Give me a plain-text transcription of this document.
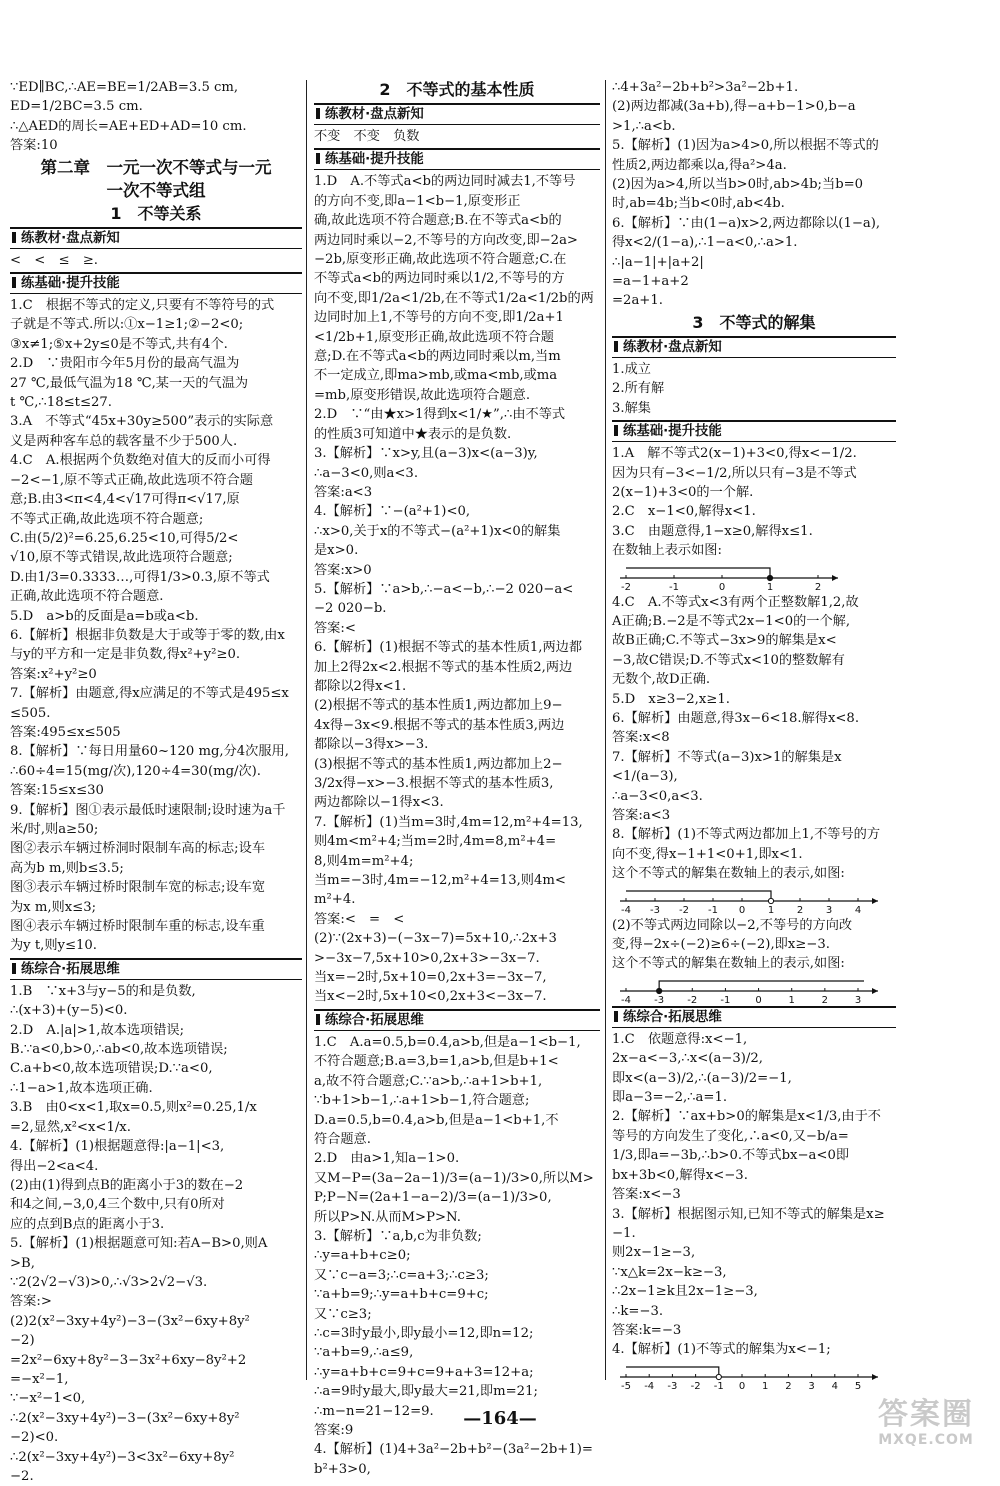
∵ED∥BC,∴AE=BE=1/2AB=3.5 cm,
ED=1/2BC=3.5 cm.
∴△AED的周长=AE+ED+AD=10 cm.
答案:10
第二章　一元一次不等式与一元
一次不等式组
1　不等关系
练教材·盘点新知
<　<　≤　≥.
练基础·提升技能
1.C　根据不等式的定义,只要有不等符号的式
子就是不等式.所以:①x−1≥1;②−2<0;
③x≠1;⑤x+2y≤0是不等式,共有4个.
2.D　∵贵阳市今年5月份的最高气温为
27 ℃,最低气温为18 ℃,某一天的气温为
t ℃,∴18≤t≤27.
3.A　不等式“45x+30y≥500”表示的实际意
义是两种客车总的载客量不少于500人.
4.C　A.根据两个负数绝对值大的反而小可得
−2<−1,原不等式正确,故此选项不符合题
意;B.由3<π<4,4<√17可得π<√17,原
不等式正确,故此选项不符合题意;
C.由(5/2)²=6.25,6.25<10,可得5/2<
√10,原不等式错误,故此选项符合题意;
D.由1/3=0.3333…,可得1/3>0.3,原不等式
正确,故此选项不符合题意.
5.D　a>b的反面是a=b或a<b.
6.【解析】根据非负数是大于或等于零的数,由x
与y的平方和一定是非负数,得x²+y²≥0.
答案:x²+y²≥0
7.【解析】由题意,得x应满足的不等式是495≤x
≤505.
答案:495≤x≤505
8.【解析】∵每日用量60~120 mg,分4次服用,
∴60÷4=15(mg/次),120÷4=30(mg/次).
答案:15≤x≤30
9.【解析】图①表示最低时速限制;设时速为a千
米/时,则a≥50;
图②表示车辆过桥洞时限制车高的标志;设车
高为b m,则b≤3.5;
图③表示车辆过桥时限制车宽的标志;设车宽
为x m,则x≤3;
图④表示车辆过桥时限制车重的标志,设车重
为y t,则y≤10.
练综合·拓展思维
1.B　∵x+3与y−5的和是负数,
∴(x+3)+(y−5)<0.
2.D　A.|a|>1,故本选项错误;
B.∵a<0,b>0,∴ab<0,故本选项错误;
C.a+b<0,故本选项错误;D.∵a<0,
∴1−a>1,故本选项正确.
3.B　由0<x<1,取x=0.5,则x²=0.25,1/x
=2,显然,x²<x<1/x.
4.【解析】(1)根据题意得:|a−1|<3,
得出−2<a<4.
(2)由(1)得到点B的距离小于3的数在−2
和4之间,−3,0,4三个数中,只有0所对
应的点到B点的距离小于3.
5.【解析】(1)根据题意可知:若A−B>0,则A
>B,
∵2(2√2−√3)>0,∴√3>2√2−√3.
答案:>
(2)2(x²−3xy+4y²)−3−(3x²−6xy+8y²
−2)
=2x²−6xy+8y²−3−3x²+6xy−8y²+2
=−x²−1,
∵−x²−1<0,
∴2(x²−3xy+4y²)−3−(3x²−6xy+8y²
−2)<0.
∴2(x²−3xy+4y²)−3<3x²−6xy+8y²
−2.
2　不等式的基本性质
练教材·盘点新知
不变　不变　负数
练基础·提升技能
1.D　A.不等式a<b的两边同时减去1,不等号
的方向不变,即a−1<b−1,原变形正
确,故此选项不符合题意;B.在不等式a<b的
两边同时乘以−2,不等号的方向改变,即−2a>
−2b,原变形正确,故此选项不符合题意;C.在
不等式a<b的两边同时乘以1/2,不等号的方
向不变,即1/2a<1/2b,在不等式1/2a<1/2b的两
边同时加上1,不等号的方向不变,即1/2a+1
<1/2b+1,原变形正确,故此选项不符合题
意;D.在不等式a<b的两边同时乘以m,当m
不一定成立,即ma>mb,或ma<mb,或ma
=mb,原变形错误,故此选项符合题意.
2.D　∵“由★x>1得到x<1/★”,∴由不等式
的性质3可知道中★表示的是负数.
3.【解析】∵x>y,且(a−3)x<(a−3)y,
∴a−3<0,则a<3.
答案:a<3
4.【解析】∵−(a²+1)<0,
∴x>0,关于x的不等式−(a²+1)x<0的解集
是x>0.
答案:x>0
5.【解析】∵a>b,∴−a<−b,∴−2 020−a<
−2 020−b.
答案:<
6.【解析】(1)根据不等式的基本性质1,两边都
加上2得2x<2.根据不等式的基本性质2,两边
都除以2得x<1.
(2)根据不等式的基本性质1,两边都加上9−
4x得−3x<9.根据不等式的基本性质3,两边
都除以−3得x>−3.
(3)根据不等式的基本性质1,两边都加上2−
3/2x得−x>−3.根据不等式的基本性质3,
两边都除以−1得x<3.
7.【解析】(1)当m=3时,4m=12,m²+4=13,
则4m<m²+4;当m=2时,4m=8,m²+4=
8,则4m=m²+4;
当m=−3时,4m=−12,m²+4=13,则4m<
m²+4.
答案:<　=　<
(2)∵(2x+3)−(−3x−7)=5x+10,∴2x+3
>−3x−7,5x+10>0,2x+3>−3x−7.
当x=−2时,5x+10=0,2x+3=−3x−7,
当x<−2时,5x+10<0,2x+3<−3x−7.
练综合·拓展思维
1.C　A.a=0.5,b=0.4,a>b,但是a−1<b−1,
不符合题意;B.a=3,b=1,a>b,但是b+1<
a,故不符合题意;C.∵a>b,∴a+1>b+1,
∵b+1>b−1,∴a+1>b−1,符合题意;
D.a=0.5,b=0.4,a>b,但是a−1<b+1,不
符合题意.
2.D　由a>1,知a−1>0.
又M−P=(3a−2a−1)/3=(a−1)/3>0,所以M>
P;P−N=(2a+1−a−2)/3=(a−1)/3>0,
所以P>N.从而M>P>N.
3.【解析】∵a,b,c为非负数;
∴y=a+b+c≥0;
又∵c−a=3;∴c=a+3;∴c≥3;
∵a+b=9;∴y=a+b+c=9+c;
又∵c≥3;
∴c=3时y最小,即y最小=12,即n=12;
∵a+b=9,∴a≤9,
∴y=a+b+c=9+c=9+a+3=12+a;
∴a=9时y最大,即y最大=21,即m=21;
∴m−n=21−12=9.
答案:9
4.【解析】(1)4+3a²−2b+b²−(3a²−2b+1)=
b²+3>0,
∴4+3a²−2b+b²>3a²−2b+1.
(2)两边都减(3a+b),得−a+b−1>0,b−a
>1,∴a<b.
5.【解析】(1)因为a>4>0,所以根据不等式的
性质2,两边都乘以a,得a²>4a.
(2)因为a>4,所以当b>0时,ab>4b;当b=0
时,ab=4b;当b<0时,ab<4b.
6.【解析】∵由(1−a)x>2,两边都除以(1−a),
得x<2/(1−a),∴1−a<0,∴a>1.
∴|a−1|+|a+2|
=a−1+a+2
=2a+1.
3　不等式的解集
练教材·盘点新知
1.成立
2.所有解
3.解集
练基础·提升技能
1.A　解不等式2(x−1)+3<0,得x<−1/2.
因为只有−3<−1/2,所以只有−3是不等式
2(x−1)+3<0的一个解.
2.C　x−1<0,解得x<1.
3.C　由题意得,1−x≥0,解得x≤1.
在数轴上表示如图:
-2	-1	0	1	2
4.C　A.不等式x<3有两个正整数解1,2,故
A正确;B.−2是不等式2x−1<0的一个解,
故B正确;C.不等式−3x>9的解集是x<
−3,故C错误;D.不等式x<10的整数解有
无数个,故D正确.
5.D　x≥3−2,x≥1.
6.【解析】由题意,得3x−6<18.解得x<8.
答案:x<8
7.【解析】不等式(a−3)x>1的解集是x
<1/(a−3),
∴a−3<0,a<3.
答案:a<3
8.【解析】(1)不等式两边都加上1,不等号的方
向不变,得x−1+1<0+1,即x<1.
这个不等式的解集在数轴上的表示,如图:
-4 -3 -2 -1 0 1 2 3 4
(2)不等式两边同除以−2,不等号的方向改
变,得−2x÷(−2)≥6÷(−2),即x≥−3.
这个不等式的解集在数轴上的表示,如图:
-4 -3 -2 -1 0	1	2	3
练综合·拓展思维
1.C　依题意得:x<−1,
2x−a<−3,∴x<(a−3)/2,
即x<(a−3)/2,∴(a−3)/2=−1,
即a−3=−2,∴a=1.
2.【解析】∵ax+b>0的解集是x<1/3,由于不
等号的方向发生了变化,∴a<0,又−b/a=
1/3,即a=−3b,∴b>0.不等式bx−a<0即
bx+3b<0,解得x<−3.
答案:x<−3
3.【解析】根据图示知,已知不等式的解集是x≥
−1.
则2x−1≥−3,
∵x△k=2x−k≥−3,
∴2x−1≥k且2x−1≥−3,
∴k=−3.
答案:k=−3
4.【解析】(1)不等式的解集为x<−1;
-5 -4 -3 -2 -1 0 1 2 3 4 5
—164—	答案圈
MXQE.COM
